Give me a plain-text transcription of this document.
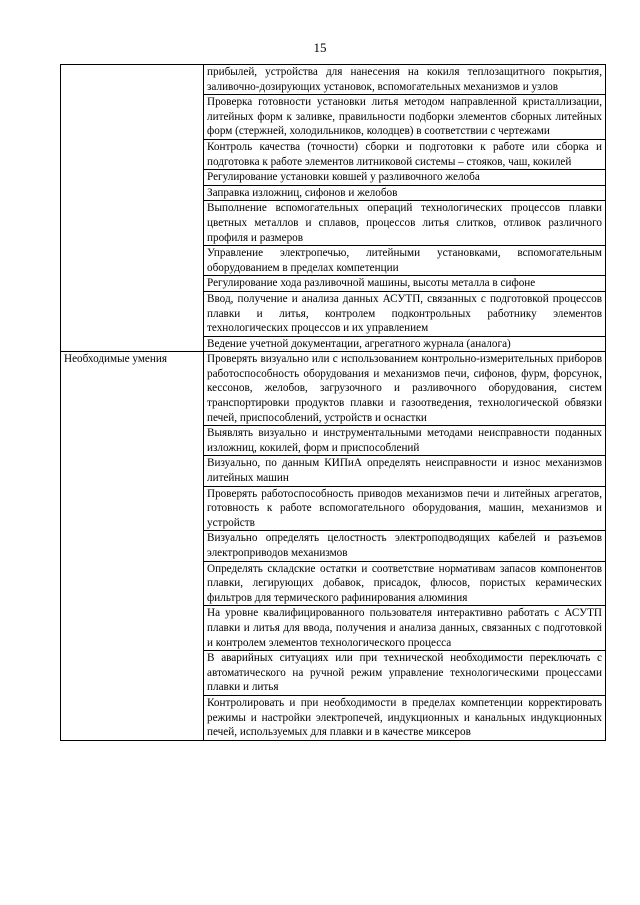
15
	прибылей, устройства для нанесения на кокиля теплозащитного покрытия, заливочно-дозирующих установок, вспомогательных механизмов и узлов
	Проверка готовности установки литья методом направленной кристаллизации, литейных форм к заливке, правильности подборки элементов сборных литейных форм (стержней, холодильников, колодцев) в соответствии с чертежами
	Контроль качества (точности) сборки и подготовки к работе или сборка и подготовка к работе элементов литниковой системы – стояков, чаш, кокилей
	Регулирование установки ковшей у разливочного желоба
	Заправка изложниц, сифонов и желобов
	Выполнение вспомогательных операций технологических процессов плавки цветных металлов и сплавов, процессов литья слитков, отливок различного профиля и размеров
	Управление электропечью, литейными установками, вспомогательным оборудованием в пределах компетенции
	Регулирование хода разливочной машины, высоты металла в сифоне
	Ввод, получение и анализа данных АСУТП, связанных с подготовкой процессов плавки и литья, контролем подконтрольных работнику элементов технологических процессов и их управлением
	Ведение учетной документации, агрегатного журнала (аналога)
Необходимые умения	Проверять визуально или с использованием контрольно-измерительных приборов работоспособность оборудования и механизмов печи, сифонов, фурм, форсунок, кессонов, желобов, загрузочного и разливочного оборудования, систем транспортировки продуктов плавки и газоотведения, технологической обвязки печей, приспособлений, устройств и оснастки
	Выявлять визуально и инструментальными методами неисправности поданных изложниц, кокилей, форм и приспособлений
	Визуально, по данным КИПиА определять неисправности и износ механизмов литейных машин
	Проверять работоспособность приводов механизмов печи и литейных агрегатов, готовность к работе вспомогательного оборудования, машин, механизмов и устройств
	Визуально определять целостность электроподводящих кабелей и разъемов электроприводов механизмов
	Определять складские остатки и соответствие нормативам запасов компонентов плавки, легирующих добавок, присадок, флюсов, пористых керамических фильтров для термического рафинирования алюминия
	На уровне квалифицированного пользователя интерактивно работать с АСУТП плавки и литья для ввода, получения и анализа данных, связанных с подготовкой и контролем элементов технологического процесса
	В аварийных ситуациях или при технической необходимости переключать с автоматического на ручной режим управление технологическими процессами плавки и литья
	Контролировать и при необходимости в пределах компетенции корректировать режимы и настройки электропечей, индукционных и канальных индукционных печей, используемых для плавки и в качестве миксеров
